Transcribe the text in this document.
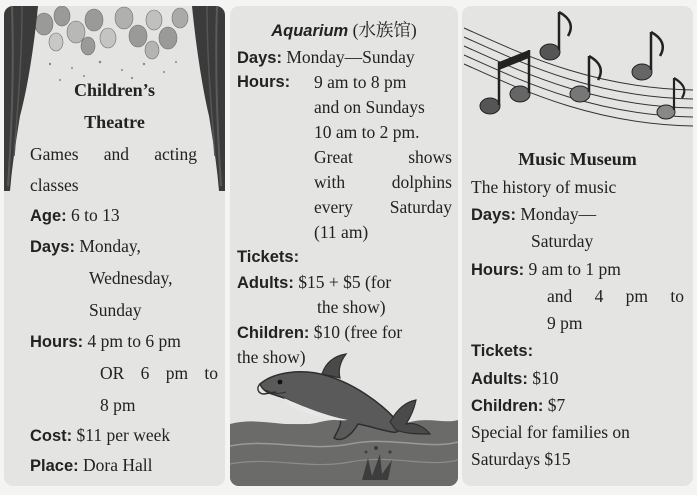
Children’s
Theatre
Games and acting
classes
Age: 6 to 13
Days: Monday,
Wednesday,
Sunday
Hours: 4 pm to 6 pm
OR 6 pm to
8 pm
Cost: $11 per week
Place: Dora Hall
Aquarium (水族馆)
Days: Monday—Sunday
Hours: 9 am to 8 pm
and on Sundays
10 am to 2 pm.
Great	shows
with	dolphins
every Saturday
(11 am)
Tickets:
Adults: $15 + $5 (for
the show)
Children: $10 (free for
the show)
Music Museum
The history of music
Days: Monday—
Saturday
Hours: 9 am to 1 pm
and 4 pm to
9 pm
Tickets:
Adults: $10
Children: $7
Special for families on
Saturdays $15
